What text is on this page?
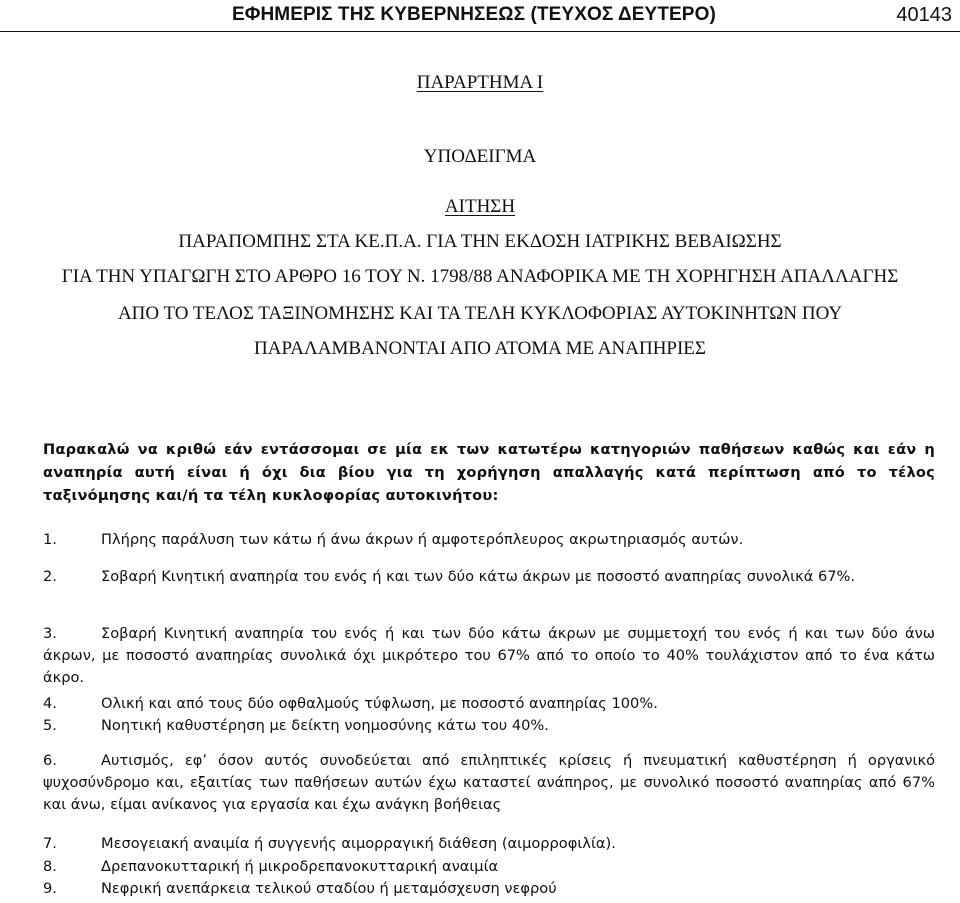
ΕΦΗΜΕΡΙΣ ΤΗΣ ΚΥΒΕΡΝΗΣΕΩΣ (ΤΕΥΧΟΣ ΔΕΥΤΕΡΟ)	40143
ΠΑΡΑΡΤΗΜΑ Ι
ΥΠΟΔΕΙΓΜΑ
ΑΙΤΗΣΗ
ΠΑΡΑΠΟΜΠΗΣ ΣΤΑ ΚΕ.Π.Α. ΓΙΑ ΤΗΝ ΕΚΔΟΣΗ ΙΑΤΡΙΚΗΣ ΒΕΒΑΙΩΣΗΣ
ΓΙΑ ΤΗΝ ΥΠΑΓΩΓΗ ΣΤΟ ΑΡΘΡΟ 16 ΤΟΥ Ν. 1798/88 ΑΝΑΦΟΡΙΚΑ ΜΕ ΤΗ ΧΟΡΗΓΗΣΗ ΑΠΑΛΛΑΓΗΣ
ΑΠΟ ΤΟ ΤΕΛΟΣ ΤΑΞΙΝΟΜΗΣΗΣ ΚΑΙ ΤΑ ΤΕΛΗ ΚΥΚΛΟΦΟΡΙΑΣ ΑΥΤΟΚΙΝΗΤΩΝ ΠΟΥ
ΠΑΡΑΛΑΜΒΑΝΟΝΤΑΙ ΑΠΟ ΑΤΟΜΑ ΜΕ ΑΝΑΠΗΡΙΕΣ
Παρακαλώ να κριθώ εάν εντάσσομαι σε μία εκ των κατωτέρω κατηγοριών παθήσεων καθώς και εάν η αναπηρία αυτή είναι ή όχι δια βίου για τη χορήγηση απαλλαγής κατά περίπτωση από το τέλος ταξινόμησης και/ή τα τέλη κυκλοφορίας αυτοκινήτου:
1.	Πλήρης παράλυση των κάτω ή άνω άκρων ή αμφοτερόπλευρος ακρωτηριασμός αυτών.
2.	Σοβαρή Κινητική αναπηρία του ενός ή και των δύο κάτω άκρων με ποσοστό αναπηρίας συνολικά 67%.
3.	Σοβαρή Κινητική αναπηρία του ενός ή και των δύο κάτω άκρων με συμμετοχή του ενός ή και των δύο άνω άκρων, με ποσοστό αναπηρίας συνολικά όχι μικρότερο του 67% από το οποίο το 40% τουλάχιστον από το ένα κάτω άκρο.
4.	Ολική και από τους δύο οφθαλμούς τύφλωση, με ποσοστό αναπηρίας 100%.
5.	Νοητική καθυστέρηση με δείκτη νοημοσύνης κάτω του 40%.
6.	Αυτισμός, εφ’ όσον αυτός συνοδεύεται από επιληπτικές κρίσεις ή πνευματική καθυστέρηση ή οργανικό ψυχοσύνδρομο και, εξαιτίας των παθήσεων αυτών έχω καταστεί ανάπηρος, με συνολικό ποσοστό αναπηρίας από 67% και άνω, είμαι ανίκανος για εργασία και έχω ανάγκη βοήθειας
7.	Μεσογειακή αναιμία ή συγγενής αιμορραγική διάθεση (αιμορροφιλία).
8.	Δρεπανοκυτταρική ή μικροδρεπανοκυτταρική αναιμία
9.	Νεφρική ανεπάρκεια τελικού σταδίου ή μεταμόσχευση νεφρού
